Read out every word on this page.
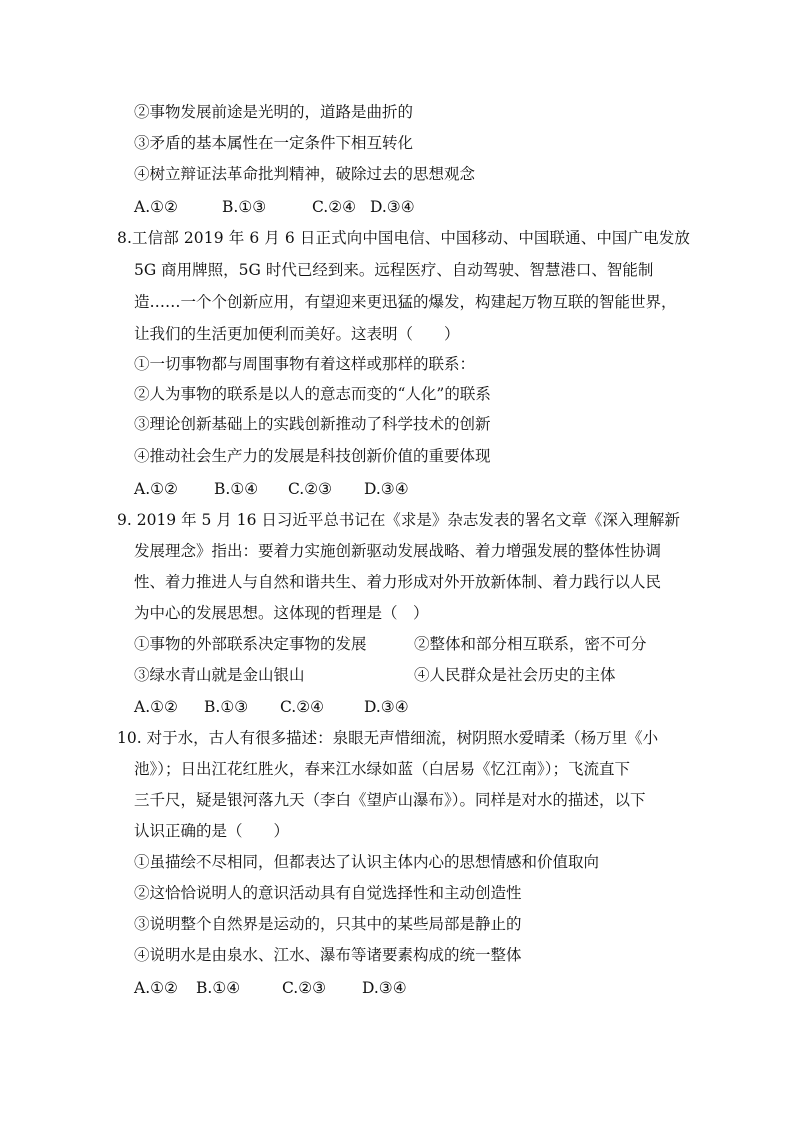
②事物发展前途是光明的，道路是曲折的
③矛盾的基本属性在一定条件下相互转化
④树立辩证法革命批判精神，破除过去的思想观念
A.①②	B.①③	C.②④ D.③④
8.工信部 2019 年 6 月 6 日正式向中国电信、中国移动、中国联通、中国广电发放
5G 商用牌照，5G 时代已经到来。远程医疗、自动驾驶、智慧港口、智能制
造……一个个创新应用，有望迎来更迅猛的爆发，构建起万物互联的智能世界，
让我们的生活更加便利而美好。这表明（　　）
①一切事物都与周围事物有着这样或那样的联系：
②人为事物的联系是以人的意志而变的“人化”的联系
③理论创新基础上的实践创新推动了科学技术的创新
④推动社会生产力的发展是科技创新价值的重要体现
A.①② B.①④ C.②③ D.③④
9. 2019 年 5 月 16 日习近平总书记在《求是》杂志发表的署名文章《深入理解新
发展理念》指出：要着力实施创新驱动发展战略、着力增强发展的整体性协调
性、着力推进人与自然和谐共生、着力形成对外开放新体制、着力践行以人民
为中心的发展思想。这体现的哲理是（　）
①事物的外部联系决定事物的发展	②整体和部分相互联系，密不可分
③绿水青山就是金山银山	④人民群众是社会历史的主体
A.①② B.①③ C.②④	D.③④
10. 对于水，古人有很多描述：泉眼无声惜细流，树阴照水爱晴柔（杨万里《小
池》）；日出江花红胜火，春来江水绿如蓝（白居易《忆江南》）；飞流直下
三千尺，疑是银河落九天（李白《望庐山瀑布》）。同样是对水的描述，以下
认识正确的是（　　）
①虽描绘不尽相同，但都表达了认识主体内心的思想情感和价值取向
②这恰恰说明人的意识活动具有自觉选择性和主动创造性
③说明整个自然界是运动的，只其中的某些局部是静止的
④说明水是由泉水、江水、瀑布等诸要素构成的统一整体
A.①② B.①④	C.②③ D.③④
